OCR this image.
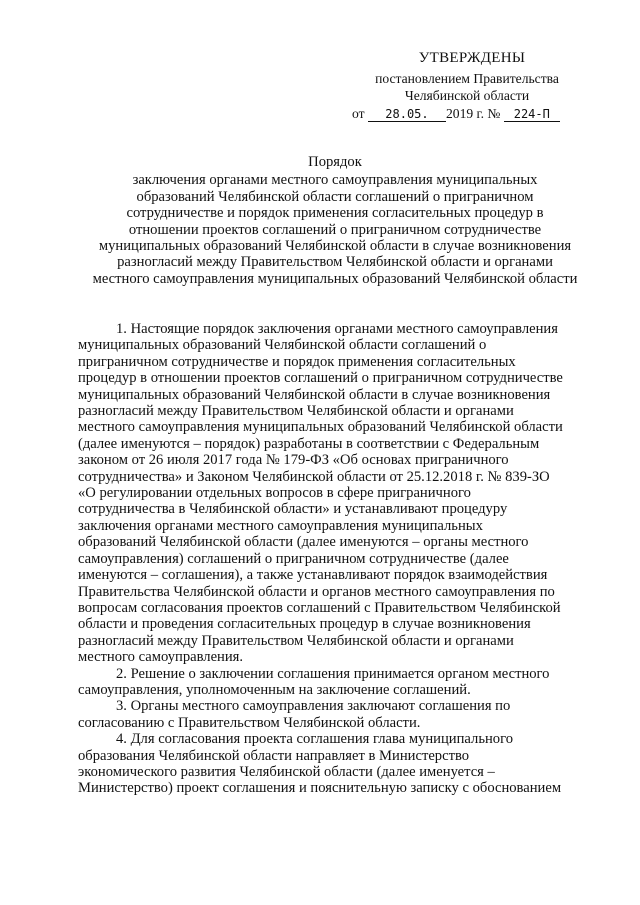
УТВЕРЖДЕНЫ
постановлением Правительства
Челябинской области
от 28.05. 2019 г. № 224-П
Порядок
заключения органами местного самоуправления муниципальных
образований Челябинской области соглашений о приграничном
сотрудничестве и порядок применения согласительных процедур в
отношении проектов соглашений о приграничном сотрудничестве
муниципальных образований Челябинской области в случае возникновения
разногласий между Правительством Челябинской области и органами
местного самоуправления муниципальных образований Челябинской области

1. Настоящие порядок заключения органами местного самоуправления
муниципальных образований Челябинской области соглашений о
приграничном сотрудничестве и порядок применения согласительных
процедур в отношении проектов соглашений о приграничном сотрудничестве
муниципальных образований Челябинской области в случае возникновения
разногласий между Правительством Челябинской области и органами
местного самоуправления муниципальных образований Челябинской области
(далее именуются – порядок) разработаны в соответствии с Федеральным
законом от 26 июля 2017 года № 179-ФЗ «Об основах приграничного
сотрудничества» и Законом Челябинской области от 25.12.2018 г. № 839-ЗО
«О регулировании отдельных вопросов в сфере приграничного
сотрудничества в Челябинской области» и устанавливают процедуру
заключения органами местного самоуправления муниципальных
образований Челябинской области (далее именуются – органы местного
самоуправления) соглашений о приграничном сотрудничестве (далее
именуются – соглашения), а также устанавливают порядок взаимодействия
Правительства Челябинской области и органов местного самоуправления по
вопросам согласования проектов соглашений с Правительством Челябинской
области и проведения согласительных процедур в случае возникновения
разногласий между Правительством Челябинской области и органами
местного самоуправления.

2. Решение о заключении соглашения принимается органом местного
самоуправления, уполномоченным на заключение соглашений.

3. Органы местного самоуправления заключают соглашения по
согласованию с Правительством Челябинской области.

4. Для согласования проекта соглашения глава муниципального
образования Челябинской области направляет в Министерство
экономического развития Челябинской области (далее именуется –
Министерство) проект соглашения и пояснительную записку с обоснованием
